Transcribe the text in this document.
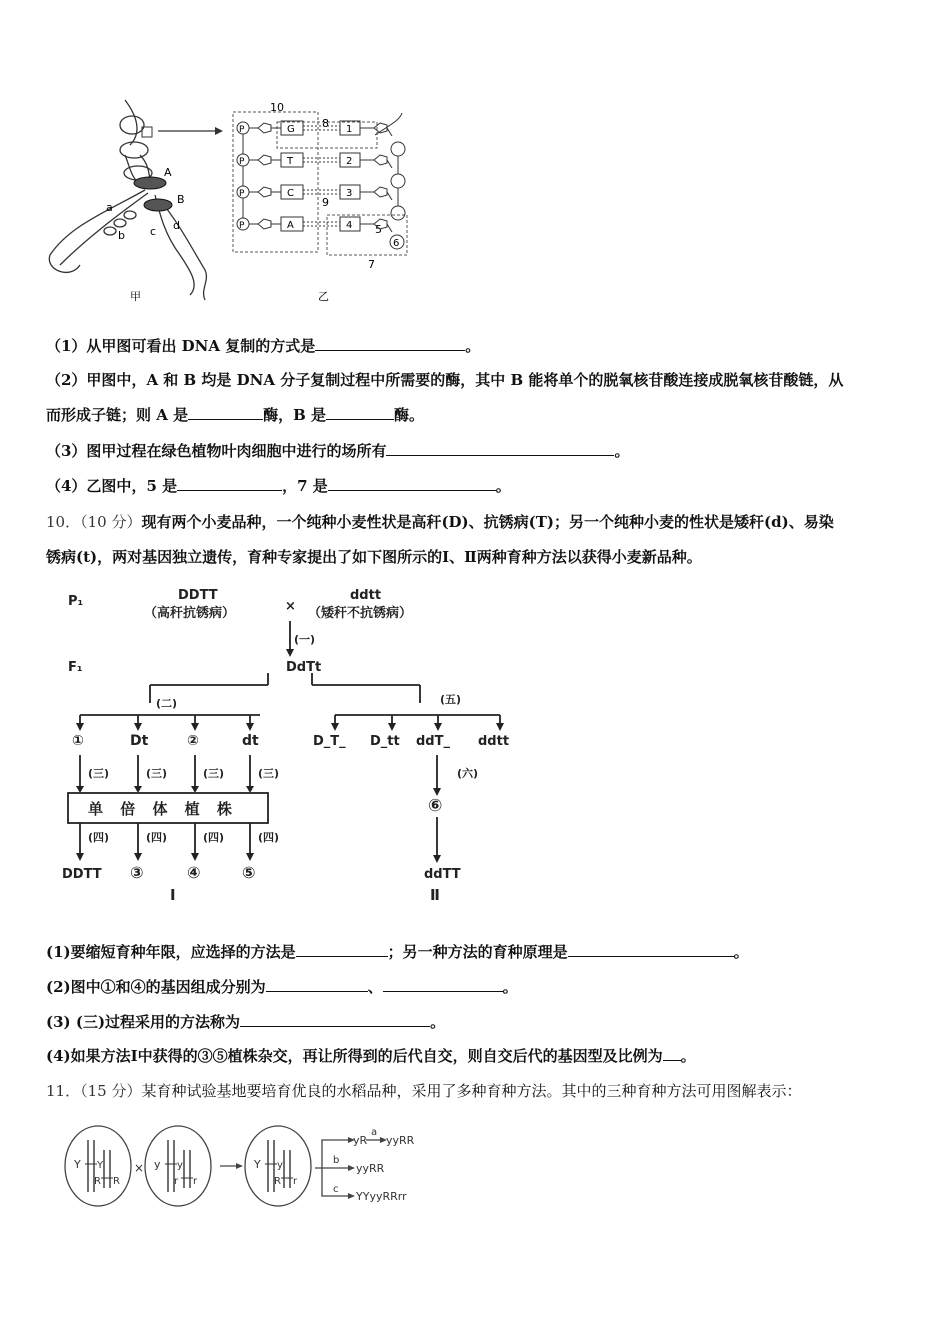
A
B
a
b c d
甲
10
8
7
9
5
6
乙
P	G	1
P	T	2
P	C	3
P	A	4
（1）从甲图可看出 DNA 复制的方式是	。
（2）甲图中，A 和 B 均是 DNA 分子复制过程中所需要的酶，其中 B 能将单个的脱氧核苷酸连接成脱氧核苷酸链，从
而形成子链；则 A 是	酶，B 是	酶。
（3）图甲过程在绿色植物叶肉细胞中进行的场所有	。
（4）乙图中，5 是	，7 是	。
10．（10 分）现有两个小麦品种，一个纯种小麦性状是高秆(D)、抗锈病(T)；另一个纯种小麦的性状是矮秆(d)、易染
锈病(t)，两对基因独立遗传，育种专家提出了如下图所示的Ⅰ、Ⅱ两种育种方法以获得小麦新品种。
P₁	DDTT
（高秆抗锈病）	×
ddtt
（矮秆不抗锈病）
(一)
F₁	DdTt
(二)	(五)
①	Dt	②	dt	D_T_ D_tt ddT_ ddtt
单 倍 体 植 株
(三)	(三)	(三)	(三)
(四)
DDTT
(四)
③
(四)
④
(四)
⑤
(六)
⑥
ddTT
Ⅰ	Ⅱ
(1)要缩短育种年限，应选择的方法是	；另一种方法的育种原理是	。
(2)图中①和④的基因组成分别为	、	。
(3) (三)过程采用的方法称为	。
(4)如果方法Ⅰ中获得的③⑤植株杂交，再让所得到的后代自交，则自交后代的基因型及比例为 。
11．（15 分）某育种试验基地要培育优良的水稻品种，采用了多种育种方法。其中的三种育种方法可用图解表示：
Y Y
R R
y y
r r
Y y
R r
×
a
b
c
yR yyRR
yyRR
YYyyRRrr
